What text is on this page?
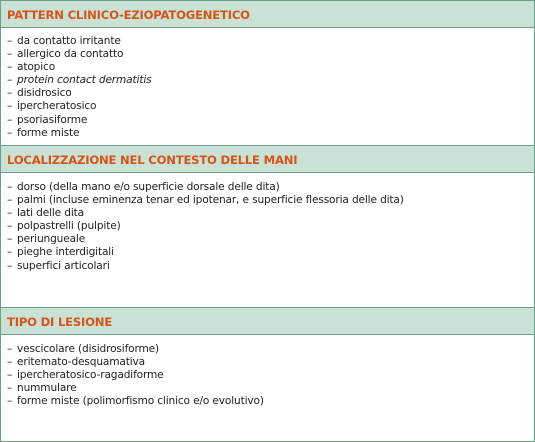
PATTERN CLINICO-EZIOPATOGENETICO
– da contatto irritante
– allergico da contatto
– atopico
– protein contact dermatitis
– disidrosico
– ipercheratosico
– psoriasiforme
– forme miste
LOCALIZZAZIONE NEL CONTESTO DELLE MANI
– dorso (della mano e/o superficie dorsale delle dita)
– palmi (incluse eminenza tenar ed ipotenar, e superficie flessoria delle dita)
– lati delle dita
– polpastrelli (pulpite)
– periungueale
– pieghe interdigitali
– superfici articolari
TIPO DI LESIONE
– vescicolare (disidrosiforme)
– eritemato-desquamativa
– ipercheratosico-ragadiforme
– nummulare
– forme miste (polimorfismo clinico e/o evolutivo)
